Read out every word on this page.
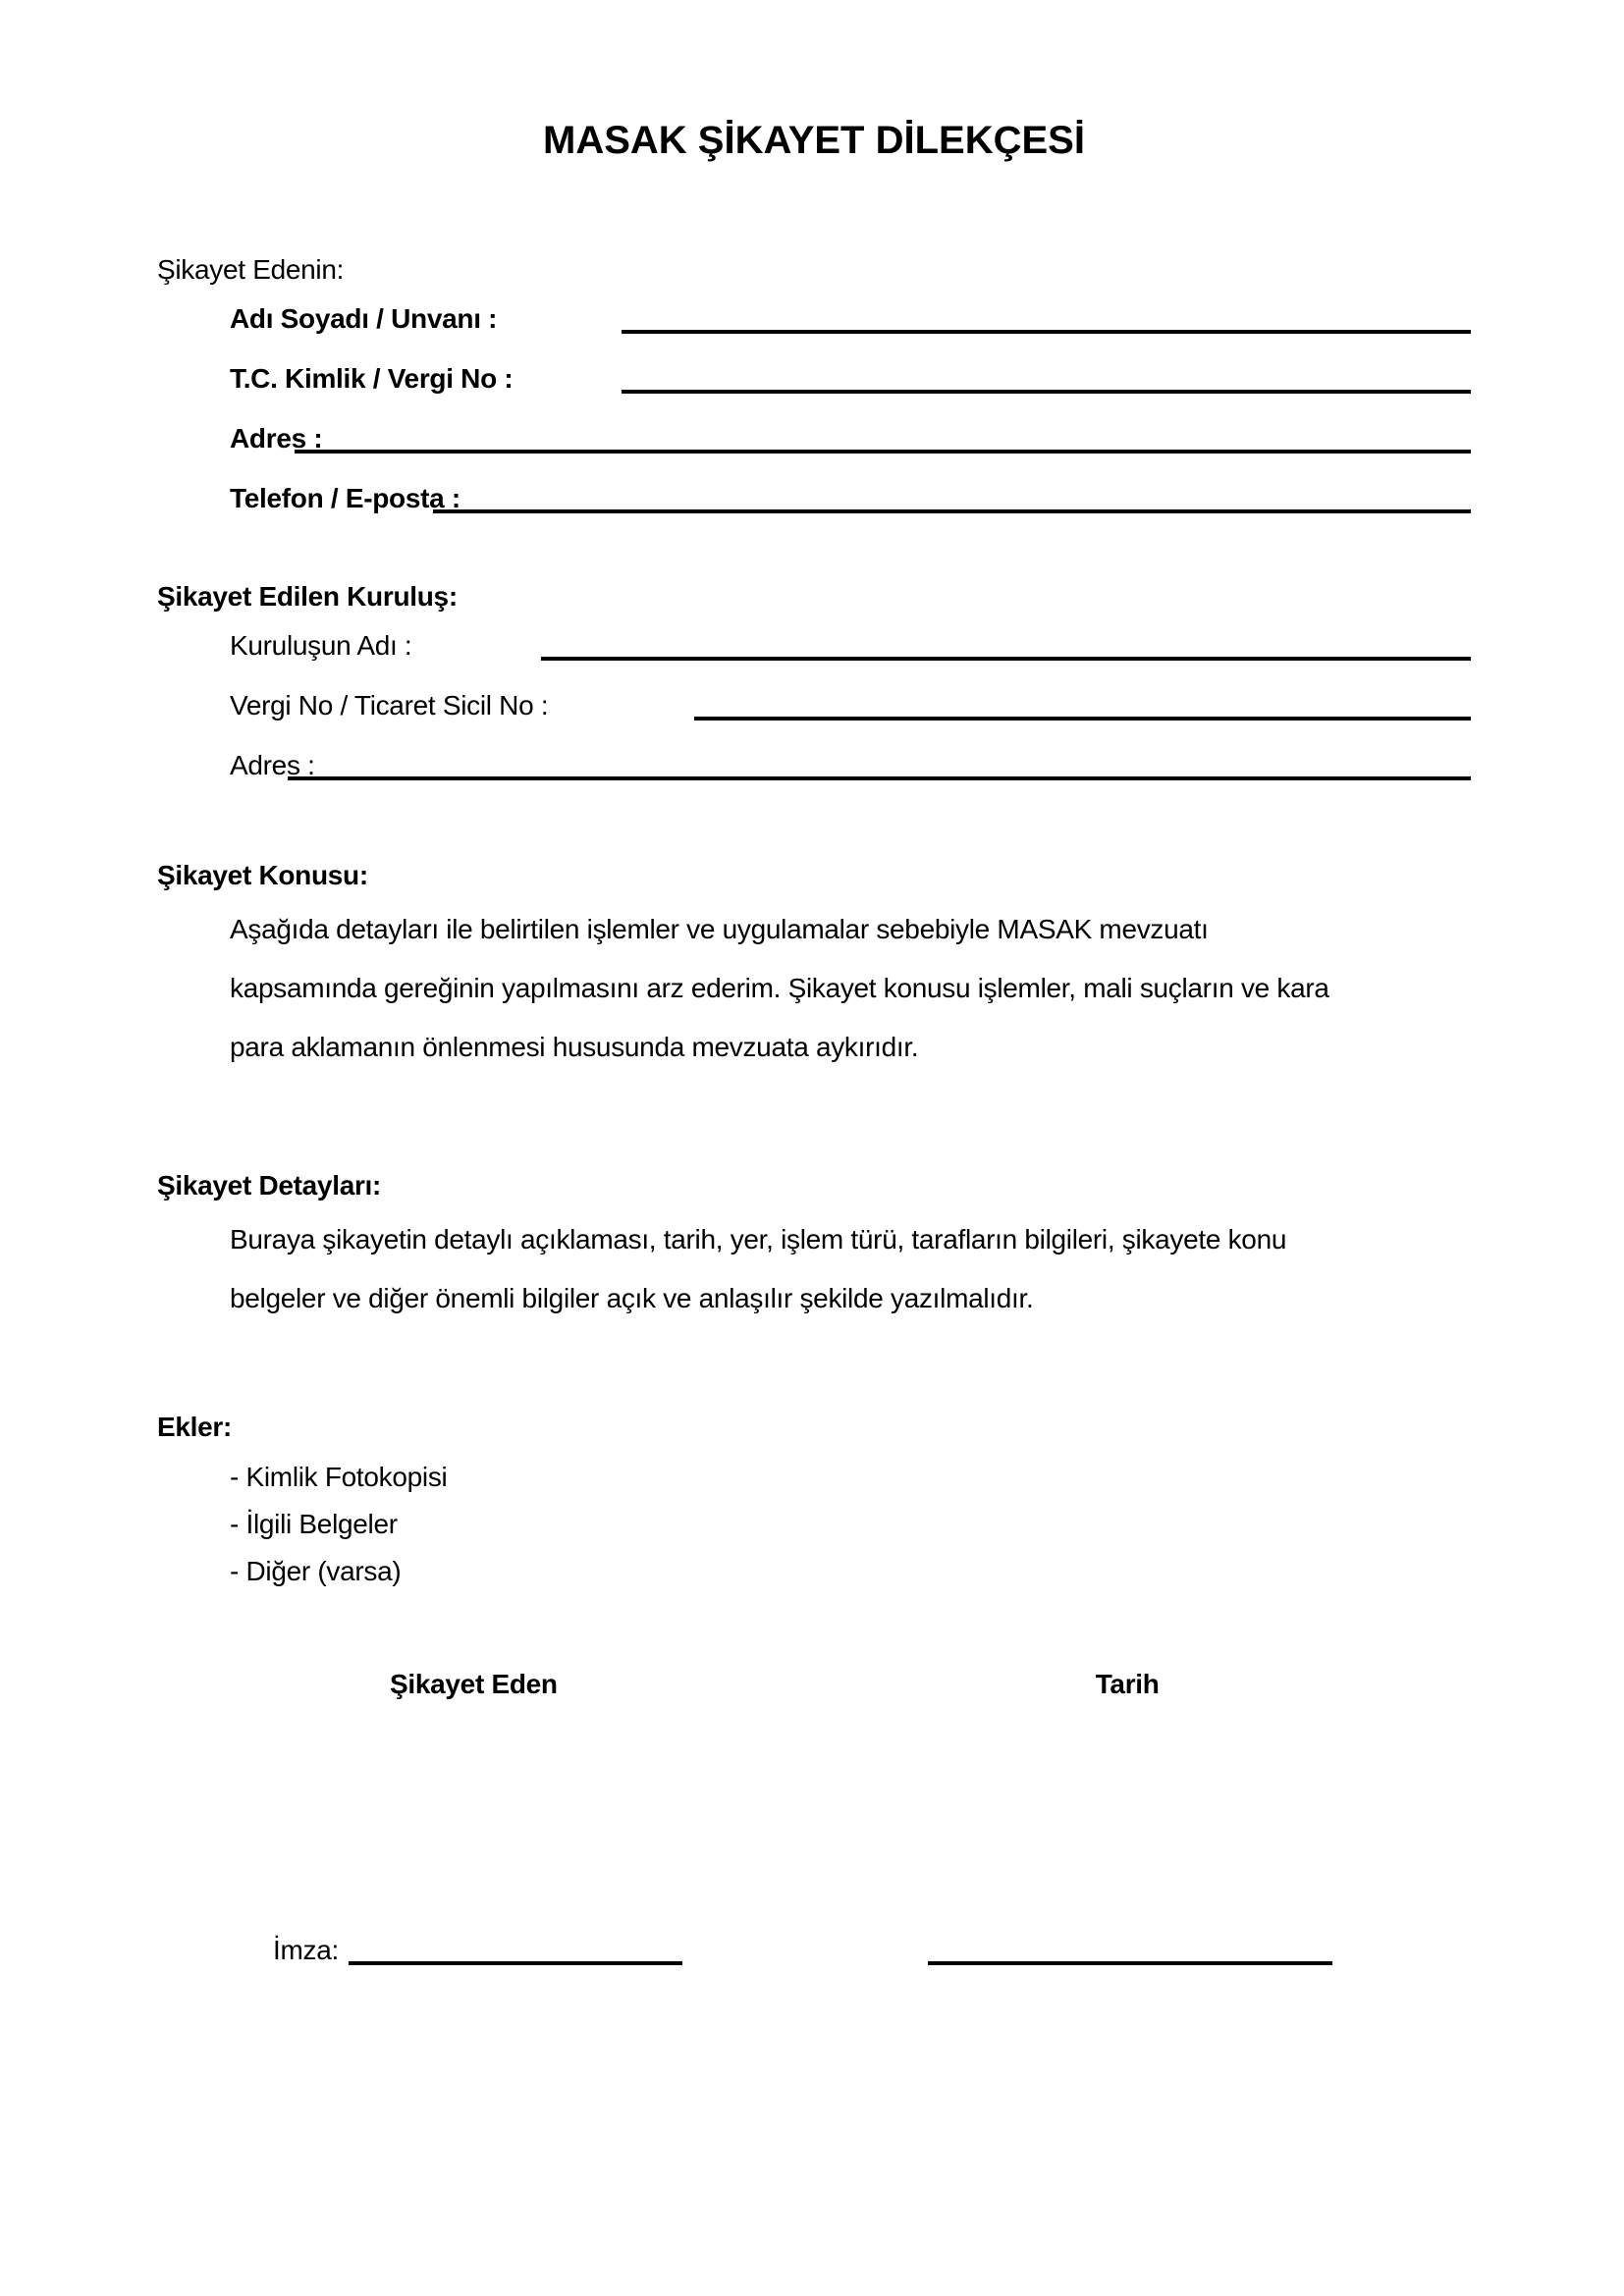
MASAK ŞİKAYET DİLEKÇESİ
Şikayet Edenin:
Adı Soyadı / Unvanı :
T.C. Kimlik / Vergi No :
Adres :
Telefon / E-posta :
Şikayet Edilen Kuruluş:
Kuruluşun Adı :
Vergi No / Ticaret Sicil No :
Adres :
Şikayet Konusu:
Aşağıda detayları ile belirtilen işlemler ve uygulamalar sebebiyle MASAK mevzuatı
kapsamında gereğinin yapılmasını arz ederim. Şikayet konusu işlemler, mali suçların ve kara
para aklamanın önlenmesi hususunda mevzuata aykırıdır.
Şikayet Detayları:
Buraya şikayetin detaylı açıklaması, tarih, yer, işlem türü, tarafların bilgileri, şikayete konu
belgeler ve diğer önemli bilgiler açık ve anlaşılır şekilde yazılmalıdır.
Ekler:
- Kimlik Fotokopisi
- İlgili Belgeler
- Diğer (varsa)
Şikayet Eden	Tarih
İmza:
